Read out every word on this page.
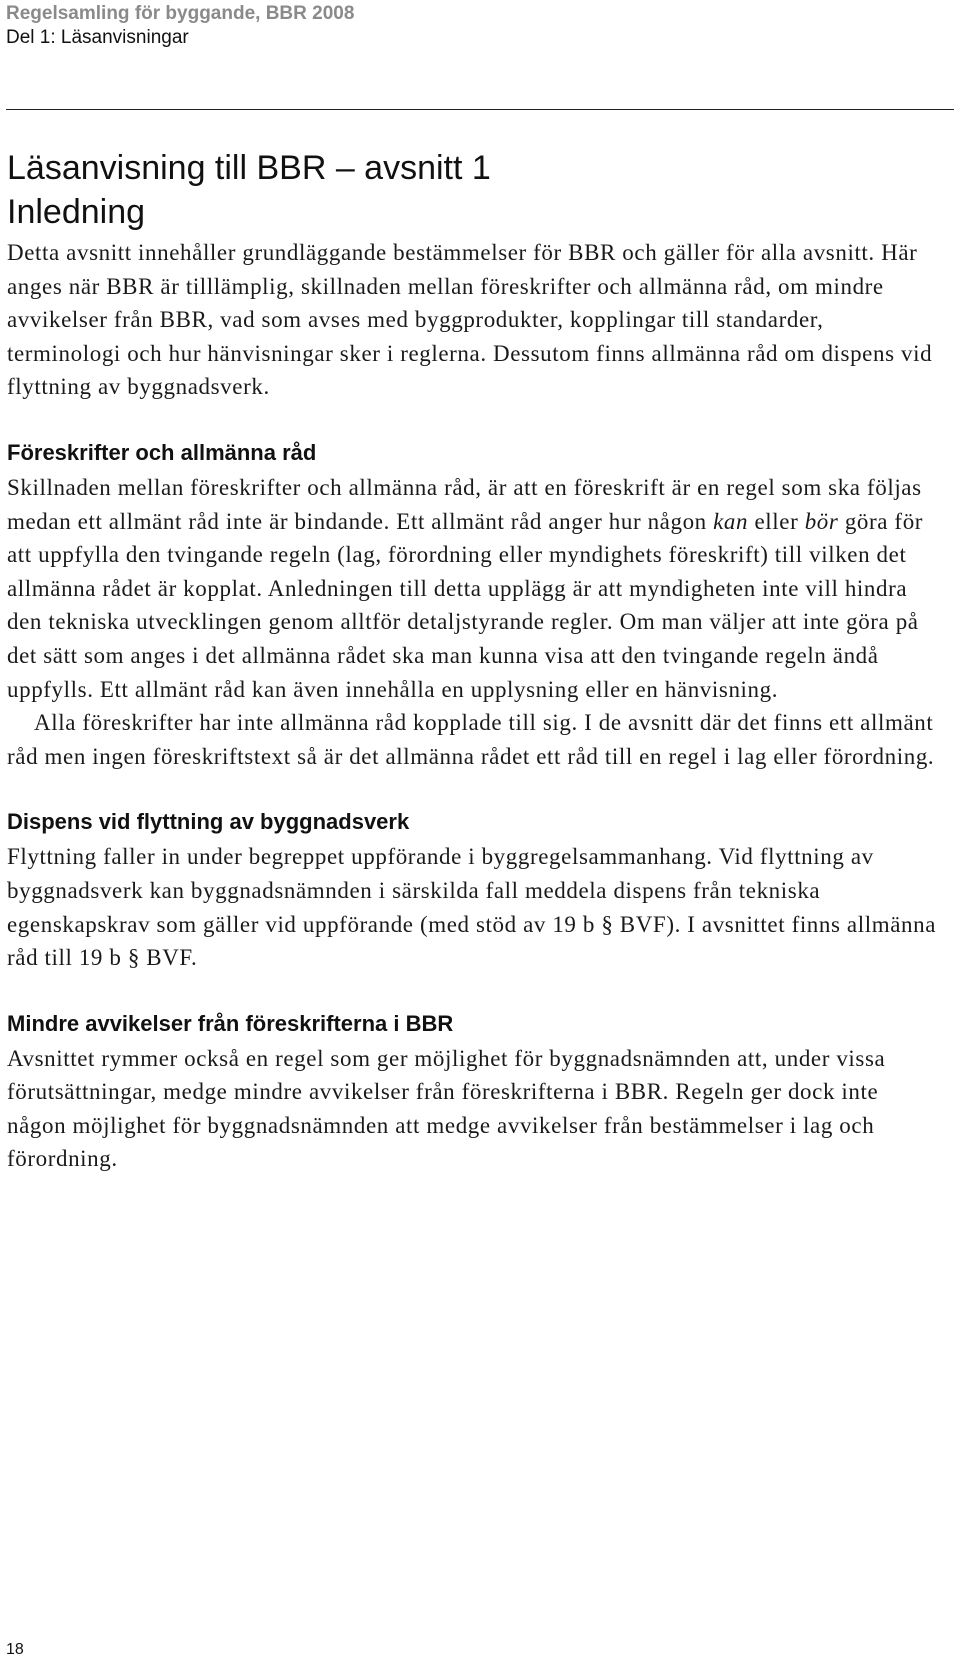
Regelsamling för byggande, BBR 2008
Del 1: Läsanvisningar
Läsanvisning till BBR – avsnitt 1
Inledning

Detta avsnitt innehåller grundläggande bestämmelser för BBR och gäller för alla avsnitt. Här anges när BBR är tilllämplig, skillnaden mellan föreskrifter och allmänna råd, om mindre avvikelser från BBR, vad som avses med byggprodukter, kopplingar till standarder, terminologi och hur hänvisningar sker i reglerna. Dessutom finns allmänna råd om dispens vid flyttning av byggnadsverk.

Föreskrifter och allmänna råd

Skillnaden mellan föreskrifter och allmänna råd, är att en föreskrift är en regel som ska följas medan ett allmänt råd inte är bindande. Ett allmänt råd anger hur någon kan eller bör göra för att uppfylla den tvingande regeln (lag, förordning eller myndighets föreskrift) till vilken det allmänna rådet är kopplat. Anledningen till detta upplägg är att myndigheten inte vill hindra den tekniska utvecklingen genom alltför detaljstyrande regler. Om man väljer att inte göra på det sätt som anges i det allmänna rådet ska man kunna visa att den tvingande regeln ändå uppfylls. Ett allmänt råd kan även innehålla en upplysning eller en hänvisning.

Alla föreskrifter har inte allmänna råd kopplade till sig. I de avsnitt där det finns ett allmänt råd men ingen föreskriftstext så är det allmänna rådet ett råd till en regel i lag eller förordning.

Dispens vid flyttning av byggnadsverk

Flyttning faller in under begreppet uppförande i byggregelsammanhang. Vid flyttning av byggnadsverk kan byggnadsnämnden i särskilda fall meddela dispens från tekniska egenskapskrav som gäller vid uppförande (med stöd av 19 b § BVF). I avsnittet finns allmänna råd till 19 b § BVF.

Mindre avvikelser från föreskrifterna i BBR

Avsnittet rymmer också en regel som ger möjlighet för byggnadsnämnden att, under vissa förutsättningar, medge mindre avvikelser från föreskrifterna i BBR. Regeln ger dock inte någon möjlighet för byggnadsnämnden att medge avvikelser från bestämmelser i lag och förordning.

18
